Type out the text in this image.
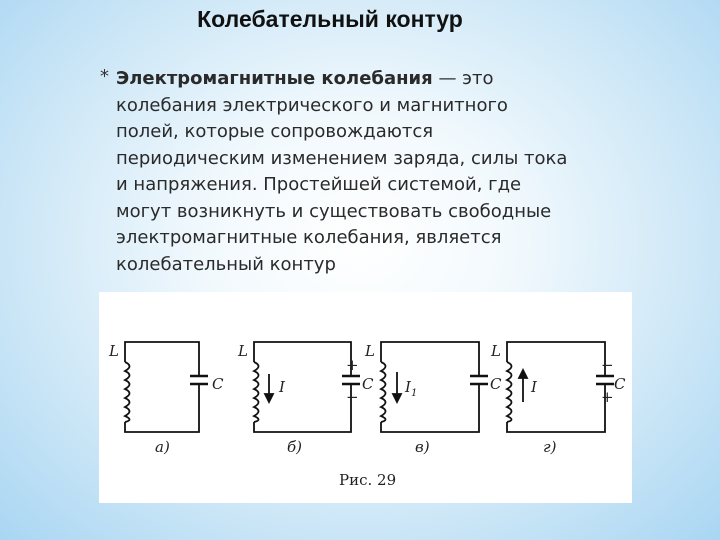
Колебательный контур
* Электромагнитные колебания — это колебания электрического и магнитного полей, которые сопровождаются периодическим изменением заряда, силы тока и напряжения. Простейшей системой, где могут возникнуть и существовать свободные электромагнитные колебания, является колебательный контур
L
C
а)
L
I	C
+
−
б)
L
$I_1$
C
в)
L
I	C
−
+
г)
Рис. 29
